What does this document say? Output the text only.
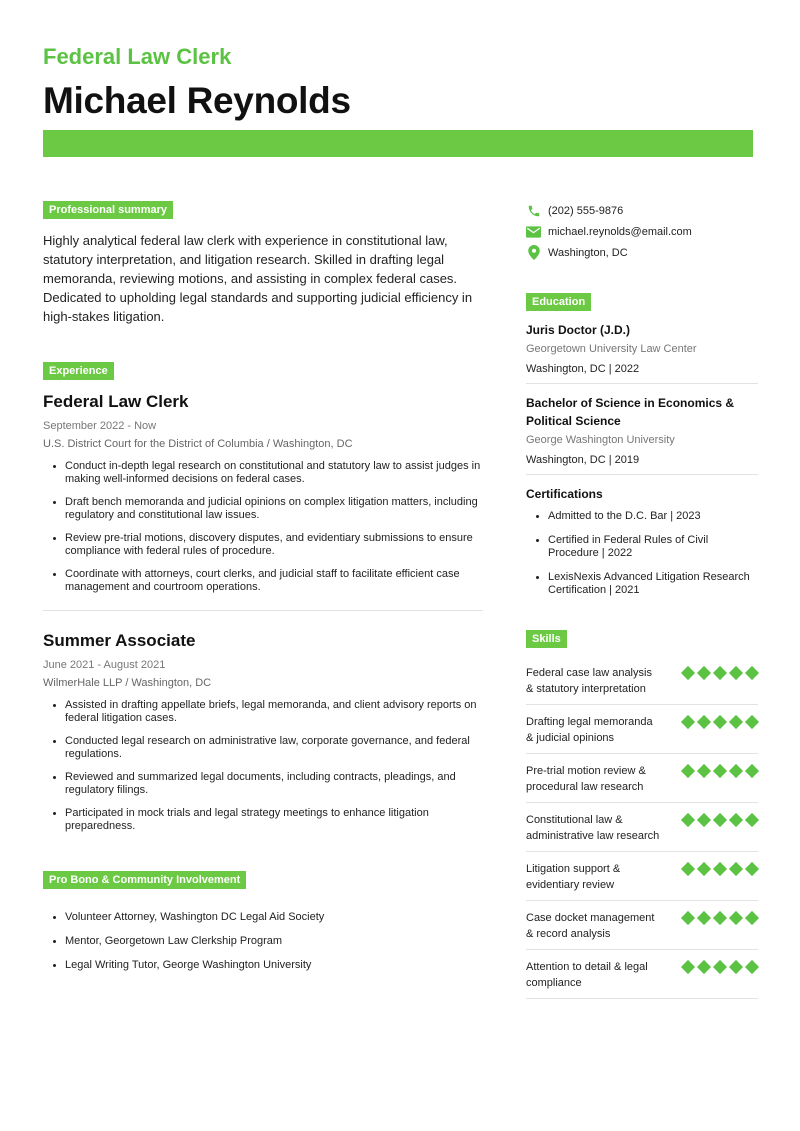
Federal Law Clerk
Michael Reynolds
Professional summary

Highly analytical federal law clerk with experience in constitutional law, statutory interpretation, and litigation research. Skilled in drafting legal memoranda, reviewing motions, and assisting in complex federal cases. Dedicated to upholding legal standards and supporting judicial efficiency in high-stakes litigation.

Experience
Federal Law Clerk
September 2022 - Now
U.S. District Court for the District of Columbia / Washington, DC
Conduct in-depth legal research on constitutional and statutory law to assist judges in making well-informed decisions on federal cases.
Draft bench memoranda and judicial opinions on complex litigation matters, including regulatory and constitutional law issues.
Review pre-trial motions, discovery disputes, and evidentiary submissions to ensure compliance with federal rules of procedure.
Coordinate with attorneys, court clerks, and judicial staff to facilitate efficient case management and courtroom operations.
Summer Associate
June 2021 - August 2021
WilmerHale LLP / Washington, DC
Assisted in drafting appellate briefs, legal memoranda, and client advisory reports on federal litigation cases.
Conducted legal research on administrative law, corporate governance, and federal regulations.
Reviewed and summarized legal documents, including contracts, pleadings, and regulatory filings.
Participated in mock trials and legal strategy meetings to enhance litigation preparedness.
Pro Bono & Community Involvement
Volunteer Attorney, Washington DC Legal Aid Society
Mentor, Georgetown Law Clerkship Program
Legal Writing Tutor, George Washington University
(202) 555-9876
michael.reynolds@email.com
Washington, DC
Education
Juris Doctor (J.D.)
Georgetown University Law Center
Washington, DC | 2022
Bachelor of Science in Economics & Political Science
George Washington University
Washington, DC | 2019
Certifications
Admitted to the D.C. Bar | 2023
Certified in Federal Rules of Civil Procedure | 2022
LexisNexis Advanced Litigation Research Certification | 2021
Skills
Federal case law analysis & statutory interpretation
Drafting legal memoranda & judicial opinions
Pre-trial motion review & procedural law research
Constitutional law & administrative law research
Litigation support & evidentiary review
Case docket management & record analysis
Attention to detail & legal compliance
